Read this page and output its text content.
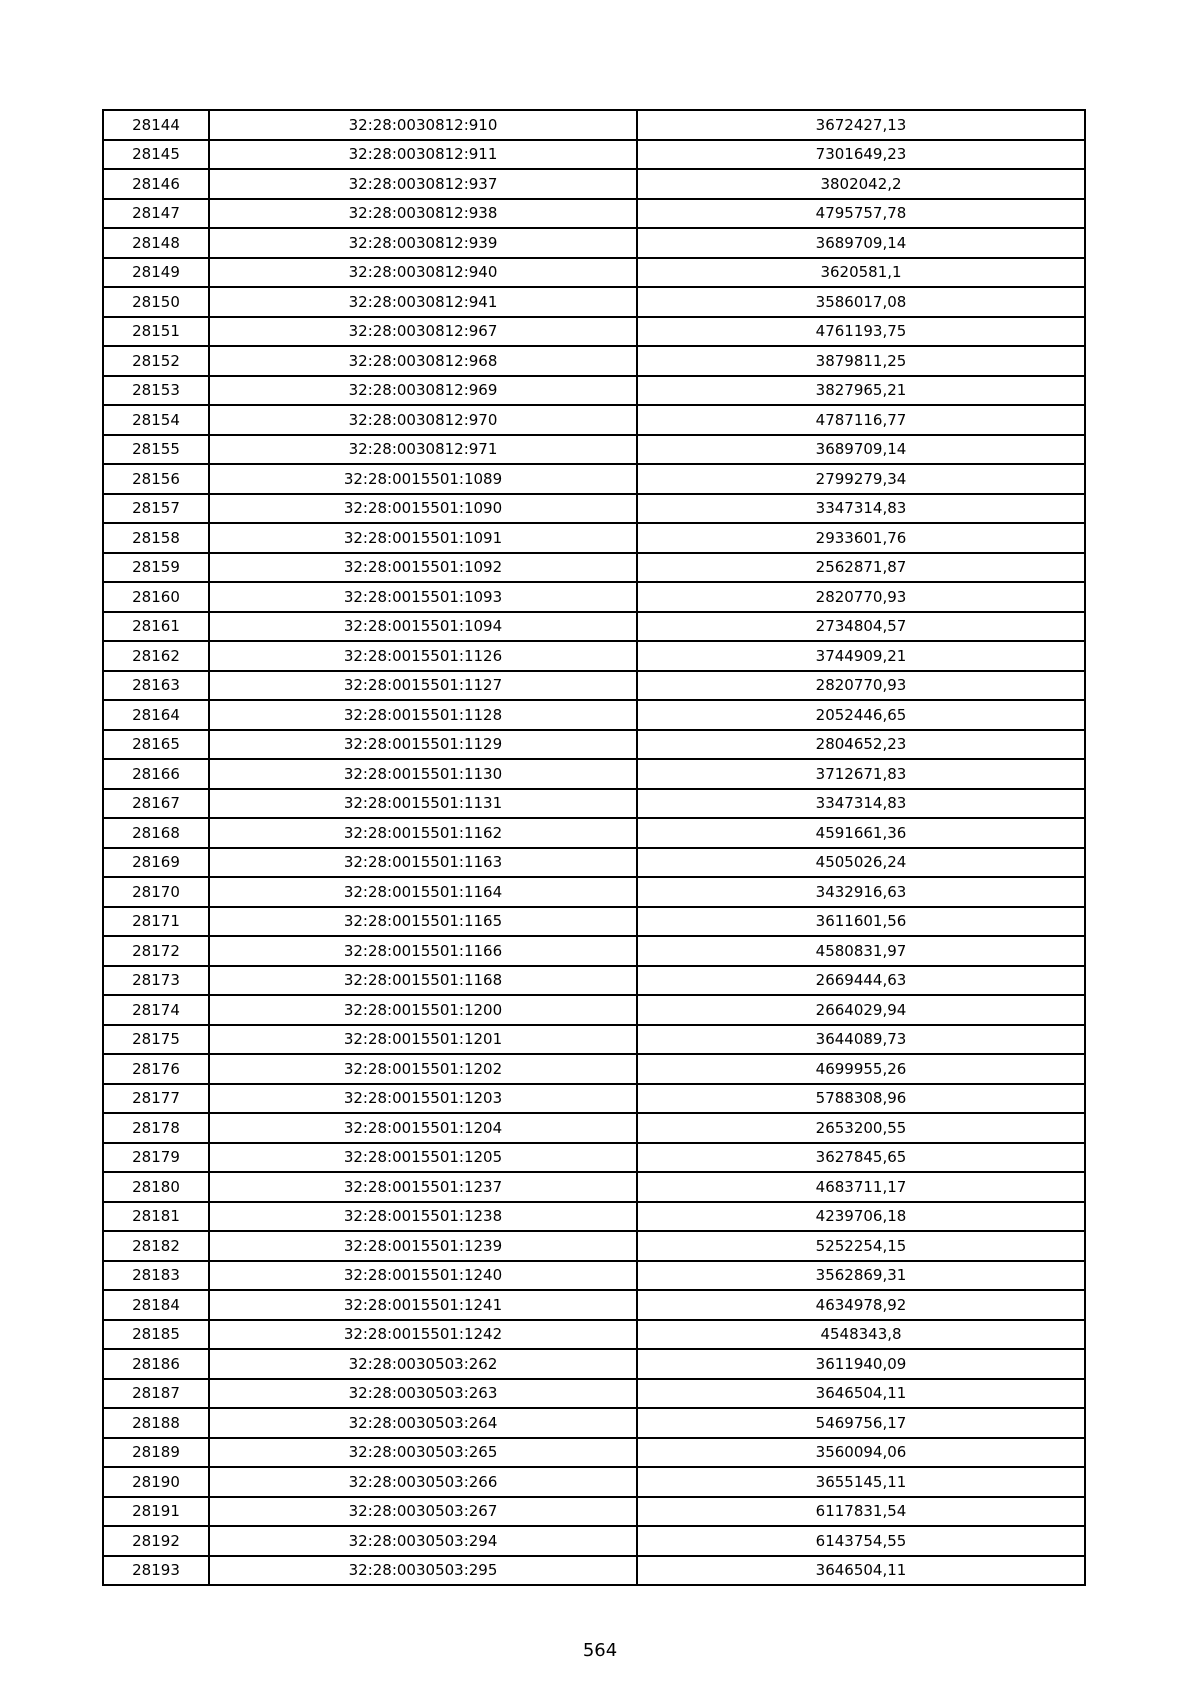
28144	32:28:0030812:910	3672427,13
28145	32:28:0030812:911	7301649,23
28146	32:28:0030812:937	3802042,2
28147	32:28:0030812:938	4795757,78
28148	32:28:0030812:939	3689709,14
28149	32:28:0030812:940	3620581,1
28150	32:28:0030812:941	3586017,08
28151	32:28:0030812:967	4761193,75
28152	32:28:0030812:968	3879811,25
28153	32:28:0030812:969	3827965,21
28154	32:28:0030812:970	4787116,77
28155	32:28:0030812:971	3689709,14
28156	32:28:0015501:1089	2799279,34
28157	32:28:0015501:1090	3347314,83
28158	32:28:0015501:1091	2933601,76
28159	32:28:0015501:1092	2562871,87
28160	32:28:0015501:1093	2820770,93
28161	32:28:0015501:1094	2734804,57
28162	32:28:0015501:1126	3744909,21
28163	32:28:0015501:1127	2820770,93
28164	32:28:0015501:1128	2052446,65
28165	32:28:0015501:1129	2804652,23
28166	32:28:0015501:1130	3712671,83
28167	32:28:0015501:1131	3347314,83
28168	32:28:0015501:1162	4591661,36
28169	32:28:0015501:1163	4505026,24
28170	32:28:0015501:1164	3432916,63
28171	32:28:0015501:1165	3611601,56
28172	32:28:0015501:1166	4580831,97
28173	32:28:0015501:1168	2669444,63
28174	32:28:0015501:1200	2664029,94
28175	32:28:0015501:1201	3644089,73
28176	32:28:0015501:1202	4699955,26
28177	32:28:0015501:1203	5788308,96
28178	32:28:0015501:1204	2653200,55
28179	32:28:0015501:1205	3627845,65
28180	32:28:0015501:1237	4683711,17
28181	32:28:0015501:1238	4239706,18
28182	32:28:0015501:1239	5252254,15
28183	32:28:0015501:1240	3562869,31
28184	32:28:0015501:1241	4634978,92
28185	32:28:0015501:1242	4548343,8
28186	32:28:0030503:262	3611940,09
28187	32:28:0030503:263	3646504,11
28188	32:28:0030503:264	5469756,17
28189	32:28:0030503:265	3560094,06
28190	32:28:0030503:266	3655145,11
28191	32:28:0030503:267	6117831,54
28192	32:28:0030503:294	6143754,55
28193	32:28:0030503:295	3646504,11
564
